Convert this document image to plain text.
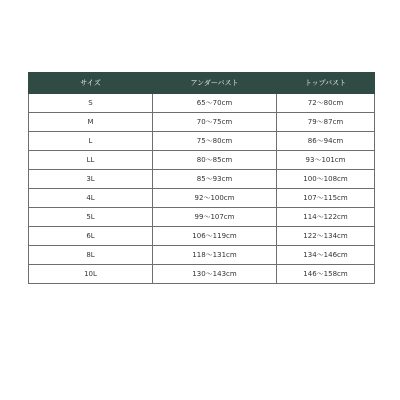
サイズ	アンダーバスト	トップバスト
S	65～70cm	72～80cm
M	70～75cm	79～87cm
L	75～80cm	86～94cm
LL	80～85cm	93～101cm
3L	85～93cm	100～108cm
4L	92～100cm	107～115cm
5L	99～107cm	114～122cm
6L	106～119cm	122～134cm
8L	118～131cm	134～146cm
10L	130～143cm	146～158cm
